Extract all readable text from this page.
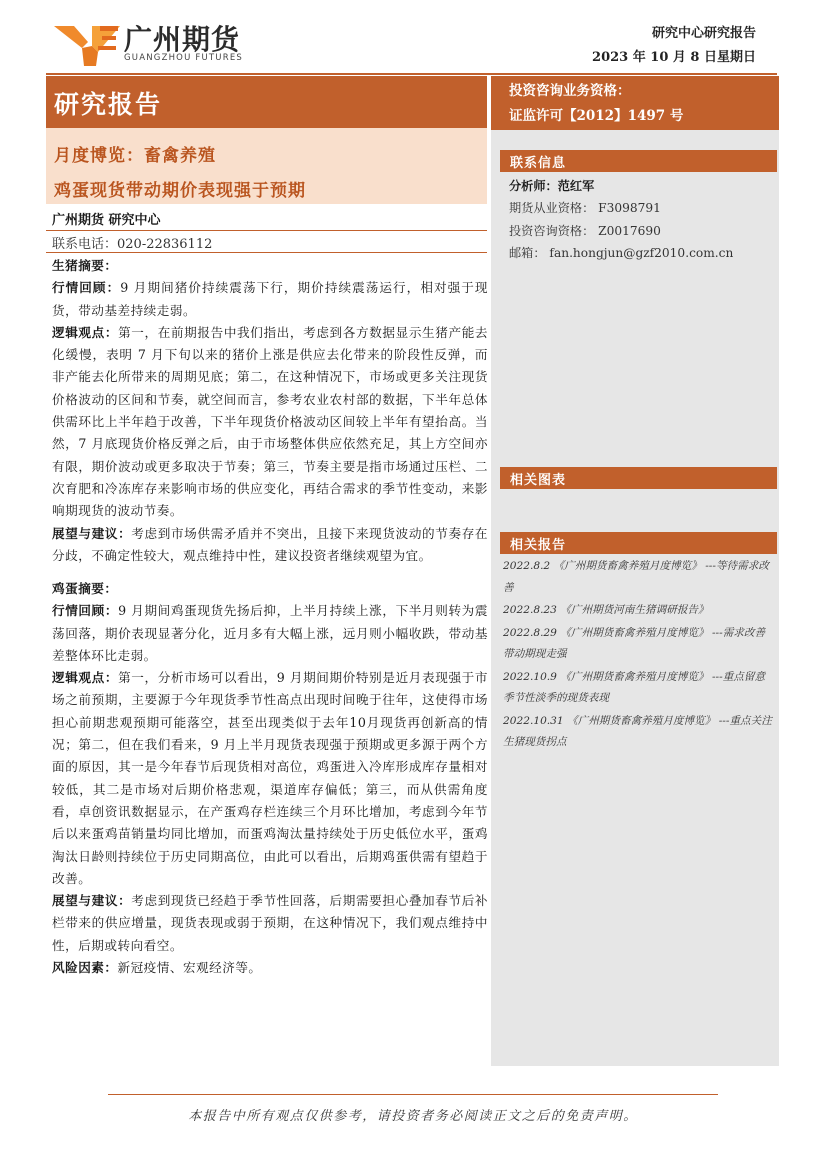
广州期货
GUANGZHOU FUTURES
研究中心研究报告
2023 年 10 月 8 日星期日
研究报告
月度博览：畜禽养殖
鸡蛋现货带动期价表现强于预期
广州期货 研究中心
联系电话：020-22836112

生猪摘要：

行情回顾：9 月期间猪价持续震荡下行，期价持续震荡运行，相对强于现货，带动基差持续走弱。

逻辑观点：第一，在前期报告中我们指出，考虑到各方数据显示生猪产能去化缓慢，表明 7 月下旬以来的猪价上涨是供应去化带来的阶段性反弹，而非产能去化所带来的周期见底；第二，在这种情况下，市场或更多关注现货价格波动的区间和节奏，就空间而言，参考农业农村部的数据，下半年总体供需环比上半年趋于改善，下半年现货价格波动区间较上半年有望抬高。当然，7 月底现货价格反弹之后，由于市场整体供应依然充足，其上方空间亦有限，期价波动或更多取决于节奏；第三，节奏主要是指市场通过压栏、二次育肥和冷冻库存来影响市场的供应变化，再结合需求的季节性变动，来影响期现货的波动节奏。

展望与建议：考虑到市场供需矛盾并不突出，且接下来现货波动的节奏存在分歧，不确定性较大，观点维持中性，建议投资者继续观望为宜。

鸡蛋摘要：

行情回顾：9 月期间鸡蛋现货先扬后抑，上半月持续上涨，下半月则转为震荡回落，期价表现显著分化，近月多有大幅上涨，远月则小幅收跌，带动基差整体环比走弱。

逻辑观点：第一，分析市场可以看出，9 月期间期价特别是近月表现强于市场之前预期，主要源于今年现货季节性高点出现时间晚于往年，这使得市场担心前期悲观预期可能落空，甚至出现类似于去年10月现货再创新高的情况；第二，但在我们看来，9 月上半月现货表现强于预期或更多源于两个方面的原因，其一是今年春节后现货相对高位，鸡蛋进入冷库形成库存量相对较低，其二是市场对后期价格悲观，渠道库存偏低；第三，而从供需角度看，卓创资讯数据显示，在产蛋鸡存栏连续三个月环比增加，考虑到今年节后以来蛋鸡苗销量均同比增加，而蛋鸡淘汰量持续处于历史低位水平，蛋鸡淘汰日龄则持续位于历史同期高位，由此可以看出，后期鸡蛋供需有望趋于改善。

展望与建议：考虑到现货已经趋于季节性回落，后期需要担心叠加春节后补栏带来的供应增量，现货表现或弱于预期，在这种情况下，我们观点维持中性，后期或转向看空。

风险因素：新冠疫情、宏观经济等。

投资咨询业务资格：
证监许可【2012】1497 号
联系信息
分析师：范红军
期货从业资格： F3098791
投资咨询资格： Z0017690
邮箱： fan.hongjun@gzf2010.com.cn
相关图表
相关报告

2022.8.2 《广州期货畜禽养殖月度博览》 ---等待需求改善

2022.8.23 《广州期货河南生猪调研报告》

2022.8.29 《广州期货畜禽养殖月度博览》 ---需求改善带动期现走强

2022.10.9 《广州期货畜禽养殖月度博览》 ---重点留意季节性淡季的现货表现

2022.10.31 《广州期货畜禽养殖月度博览》 ---重点关注生猪现货拐点

本报告中所有观点仅供参考，请投资者务必阅读正文之后的免责声明。
